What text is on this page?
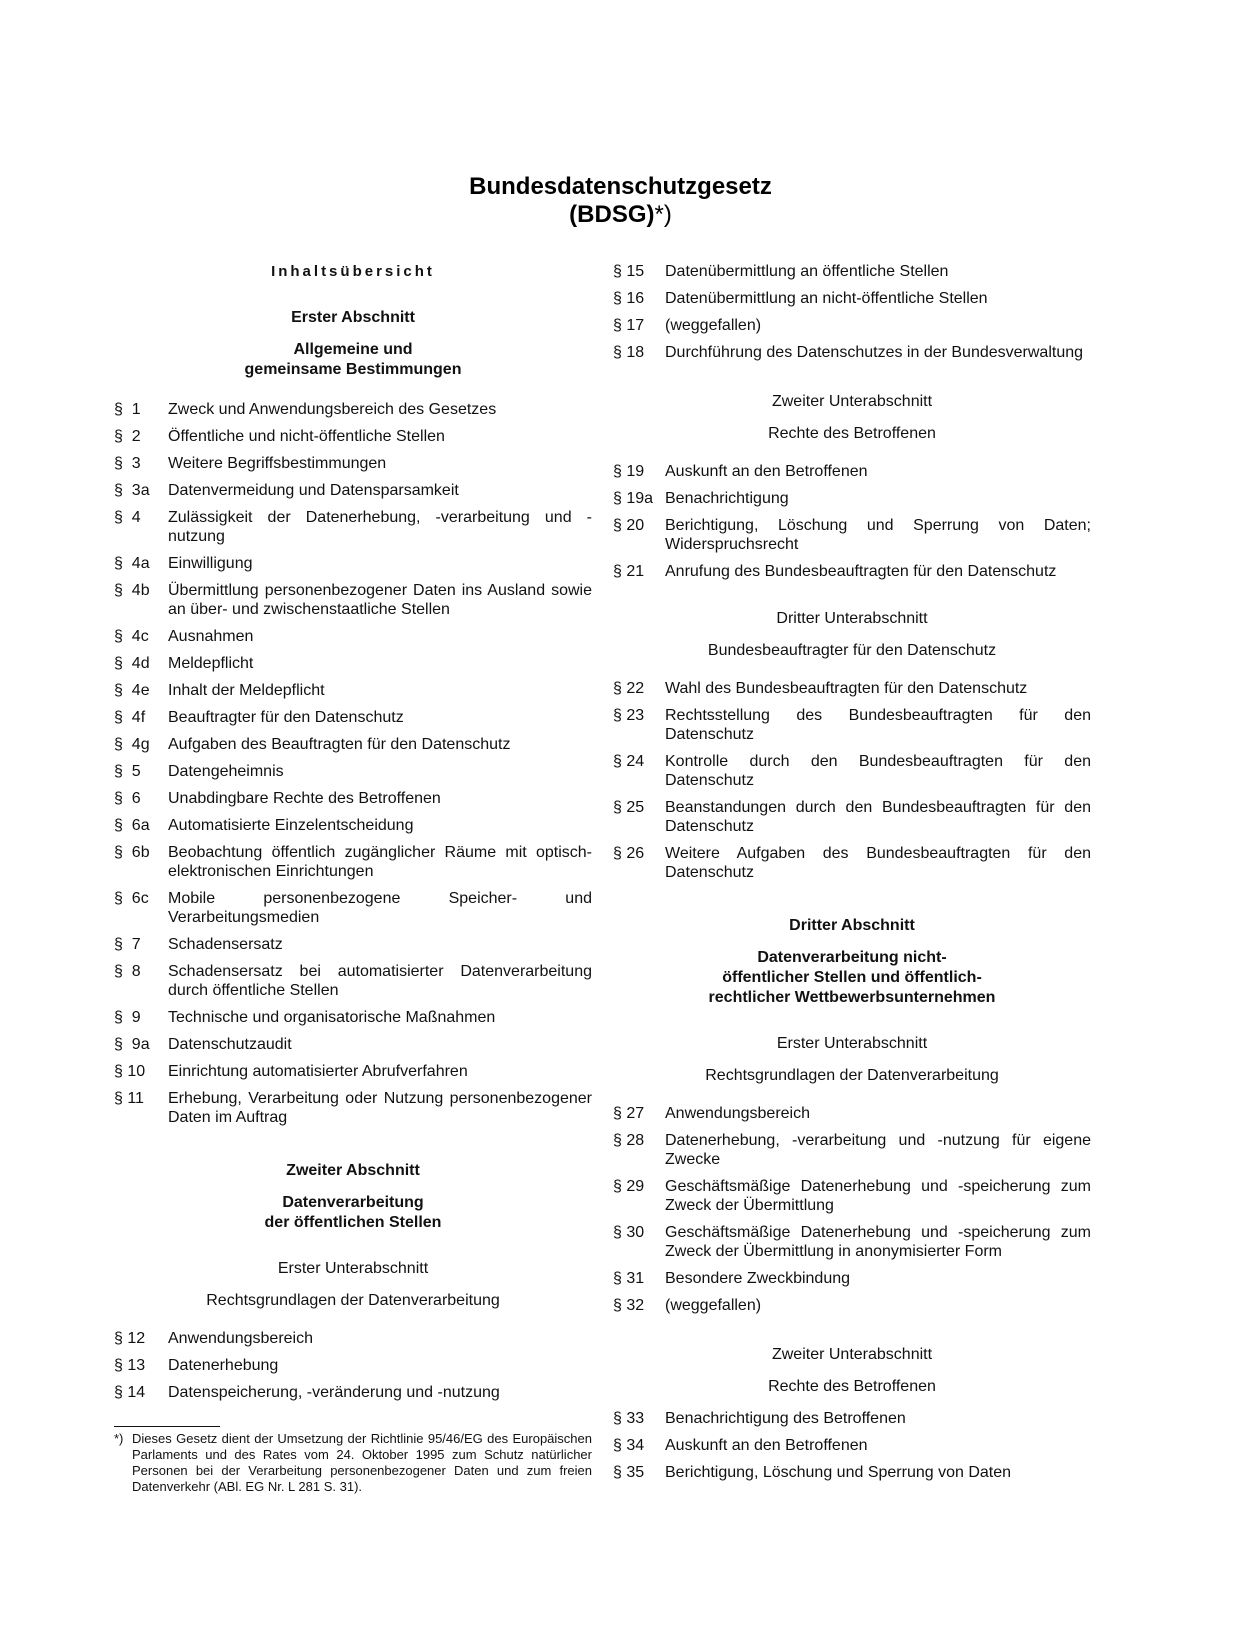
Bundesdatenschutzgesetz
(BDSG)*)
Inhaltsübersicht
Erster Abschnitt
Allgemeine und
gemeinsame Bestimmungen
§  1	Zweck und Anwendungsbereich des Gesetzes
§  2	Öffentliche und nicht-öffentliche Stellen
§  3	Weitere Begriffsbestimmungen
§  3a	Datenvermeidung und Datensparsamkeit
§  4	Zulässigkeit der Datenerhebung, -verarbeitung und -nutzung
§  4a	Einwilligung
§  4b	Übermittlung personenbezogener Daten ins Ausland sowie an über- und zwischenstaatliche Stellen
§  4c	Ausnahmen
§  4d	Meldepflicht
§  4e	Inhalt der Meldepflicht
§  4f	Beauftragter für den Datenschutz
§  4g	Aufgaben des Beauftragten für den Datenschutz
§  5	Datengeheimnis
§  6	Unabdingbare Rechte des Betroffenen
§  6a	Automatisierte Einzelentscheidung
§  6b	Beobachtung öffentlich zugänglicher Räume mit optisch-elektronischen Einrichtungen
§  6c	Mobile personenbezogene Speicher- und Verarbeitungsmedien
§  7	Schadensersatz
§  8	Schadensersatz bei automatisierter Datenverarbeitung durch öffentliche Stellen
§  9	Technische und organisatorische Maßnahmen
§  9a	Datenschutzaudit
§ 10	Einrichtung automatisierter Abrufverfahren
§ 11	Erhebung, Verarbeitung oder Nutzung personenbezogener Daten im Auftrag
Zweiter Abschnitt
Datenverarbeitung
der öffentlichen Stellen
Erster Unterabschnitt
Rechtsgrundlagen der Datenverarbeitung
§ 12	Anwendungsbereich
§ 13	Datenerhebung
§ 14	Datenspeicherung, -veränderung und -nutzung
*) Dieses Gesetz dient der Umsetzung der Richtlinie 95/46/EG des Europäischen Parlaments und des Rates vom 24. Oktober 1995 zum Schutz natürlicher Personen bei der Verarbeitung personenbezogener Daten und zum freien Datenverkehr (ABl. EG Nr. L 281 S. 31).
§ 15	Datenübermittlung an öffentliche Stellen
§ 16	Datenübermittlung an nicht-öffentliche Stellen
§ 17	(weggefallen)
§ 18	Durchführung des Datenschutzes in der Bundesverwaltung
Zweiter Unterabschnitt
Rechte des Betroffenen
§ 19	Auskunft an den Betroffenen
§ 19a Benachrichtigung
§ 20	Berichtigung, Löschung und Sperrung von Daten; Widerspruchsrecht
§ 21	Anrufung des Bundesbeauftragten für den Datenschutz
Dritter Unterabschnitt
Bundesbeauftragter für den Datenschutz
§ 22	Wahl des Bundesbeauftragten für den Datenschutz
§ 23	Rechtsstellung des Bundesbeauftragten für den Datenschutz
§ 24	Kontrolle durch den Bundesbeauftragten für den Datenschutz
§ 25	Beanstandungen durch den Bundesbeauftragten für den Datenschutz
§ 26	Weitere Aufgaben des Bundesbeauftragten für den Datenschutz
Dritter Abschnitt
Datenverarbeitung nicht-
öffentlicher Stellen und öffentlich-
rechtlicher Wettbewerbsunternehmen
Erster Unterabschnitt
Rechtsgrundlagen der Datenverarbeitung
§ 27	Anwendungsbereich
§ 28	Datenerhebung, -verarbeitung und -nutzung für eigene Zwecke
§ 29	Geschäftsmäßige Datenerhebung und -speicherung zum Zweck der Übermittlung
§ 30	Geschäftsmäßige Datenerhebung und -speicherung zum Zweck der Übermittlung in anonymisierter Form
§ 31	Besondere Zweckbindung
§ 32	(weggefallen)
Zweiter Unterabschnitt
Rechte des Betroffenen
§ 33	Benachrichtigung des Betroffenen
§ 34	Auskunft an den Betroffenen
§ 35	Berichtigung, Löschung und Sperrung von Daten
